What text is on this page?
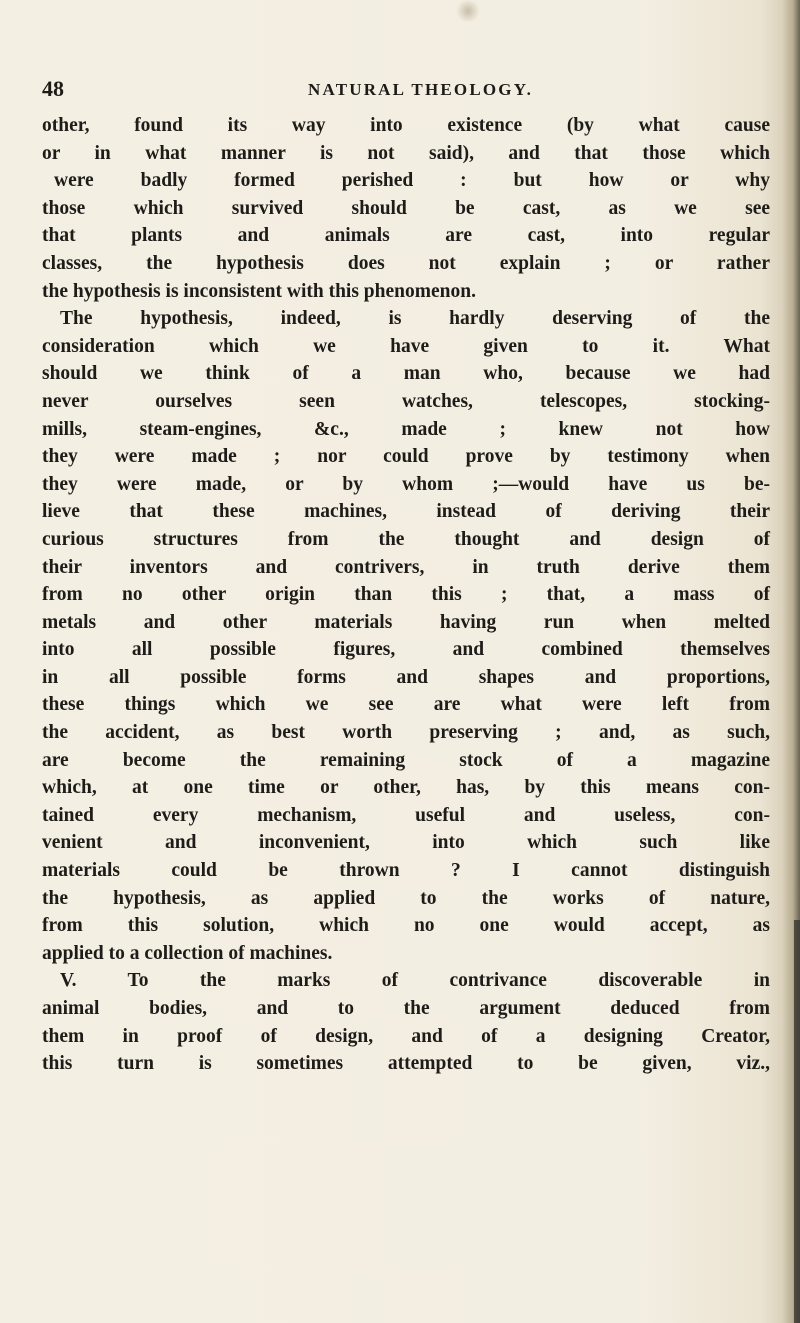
48	NATURAL THEOLOGY.
other, found its way into existence (by what cause
or in what manner is not said), and that those which
were badly formed perished : but how or why
those which survived should be cast, as we see
that plants and animals are cast, into regular
classes, the hypothesis does not explain ; or rather
the hypothesis is inconsistent with this phenomenon.
The hypothesis, indeed, is hardly deserving of the
consideration which we have given to it. What
should we think of a man who, because we had
never ourselves seen watches, telescopes, stocking-
mills, steam-engines, &c., made ; knew not how
they were made ; nor could prove by testimony when
they were made, or by whom ;—would have us be-
lieve that these machines, instead of deriving their
curious structures from the thought and design of
their inventors and contrivers, in truth derive them
from no other origin than this ; that, a mass of
metals and other materials having run when melted
into all possible figures, and combined themselves
in all possible forms and shapes and proportions,
these things which we see are what were left from
the accident, as best worth preserving ; and, as such,
are become the remaining stock of a magazine
which, at one time or other, has, by this means con-
tained every mechanism, useful and useless, con-
venient and inconvenient, into which such like
materials could be thrown ? I cannot distinguish
the hypothesis, as applied to the works of nature,
from this solution, which no one would accept, as
applied to a collection of machines.
V. To the marks of contrivance discoverable in
animal bodies, and to the argument deduced from
them in proof of design, and of a designing Creator,
this turn is sometimes attempted to be given, viz.,
